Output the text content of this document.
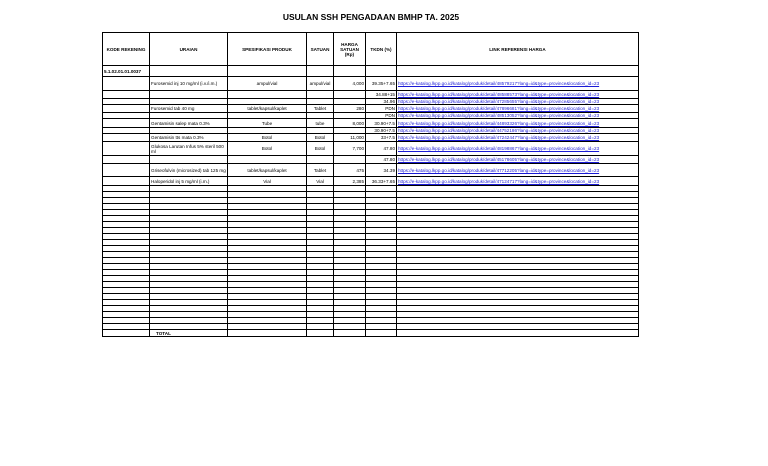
USULAN SSH PENGADAAN BMHP TA. 2025
KODE REKENING	URAIAN	SPESIFIKASI PRODUK	SATUAN	HARGA SATUAN (Rp)	TKDN (%)	LINK REFERENSI HARGA
5.1.02.01.01.0037						
	Furosemid inj 10 mg/ml (i.v./i.m.)	ampul/vial	ampul/vial	4,000	39.35+7.65	https://e-katalog.lkpp.go.id/katalog/produk/detail/48579217?lang=id&type=province&location_id=23
					34.88+15	https://e-katalog.lkpp.go.id/katalog/produk/detail/48588573?lang=id&type=province&location_id=23
					34.96	https://e-katalog.lkpp.go.id/katalog/produk/detail/47285655?lang=id&type=province&location_id=23
	Furosemid tab 40 mg	tablet/kapsul/kaplet	Tablet	280	PDN	https://e-katalog.lkpp.go.id/katalog/produk/detail/47896681?lang=id&type=province&location_id=23
					PDN	https://e-katalog.lkpp.go.id/katalog/produk/detail/48513052?lang=id&type=province&location_id=23
	Gentamisin salep mata 0.3%	Tube	tube	8,000	30.90+7.5	https://e-katalog.lkpp.go.id/katalog/produk/detail/44893326?lang=id&type=province&location_id=23
					30.90+7.5	https://e-katalog.lkpp.go.id/katalog/produk/detail/44752186?lang=id&type=province&location_id=23
	Gentamisin tts mata 0.3%	Botol	Botol	11,000	33+7.5	https://e-katalog.lkpp.go.id/katalog/produk/detail/47242447?lang=id&type=province&location_id=23
	Glukosa Larutan Infus 5% steril 500 ml	Botol	Botol	7,700	47.80	https://e-katalog.lkpp.go.id/katalog/produk/detail/48198867?lang=id&type=province&location_id=23
					47.80	https://e-katalog.lkpp.go.id/katalog/produk/detail/45178605?lang=id&type=province&location_id=23
	Griseofulvin (microsized) tab 125 mg	tablet/kapsul/kaplet	Tablet	475	34.39	https://e-katalog.lkpp.go.id/katalog/produk/detail/47712205?lang=id&type=province&location_id=23
	Haloperidol inj 5 mg/ml (i.m.)	Vial	Vial	2,385	36.33+7.65	https://e-katalog.lkpp.go.id/katalog/produk/detail/47124717?lang=id&type=province&location_id=23

	TOTAL					
